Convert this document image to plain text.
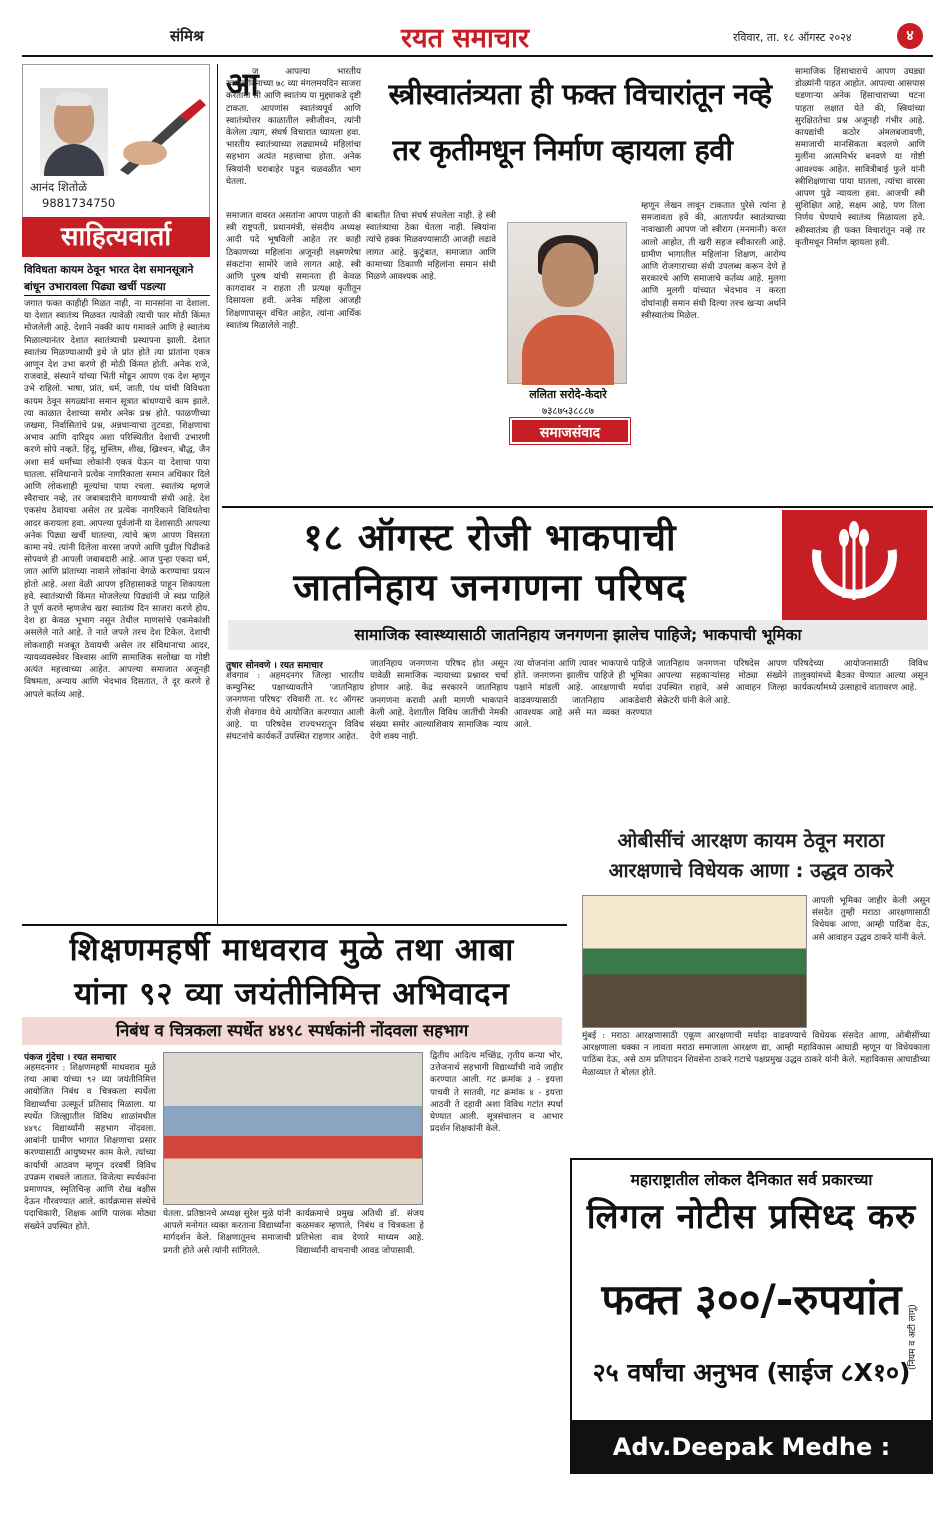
संमिश्र	रयत समाचार	रविवार, ता. १८ ऑगस्ट २०२४	४
आनंद शितोळे
9881734750
साहित्यवार्ता
विविधता कायम ठेवून भारत देश समानसूत्राने बांधून उभारावला पिढ्या खर्ची पडल्या
जगात फक्त काहीही मिळत नाही, ना मानसांना ना देशाला. या देशात स्वातंत्र्य मिळवत त्यावेळी त्याची फार मोठी किंमत मोजलेली आहे. देशाने नक्की काय गमावले आणि हे स्वातंत्र्य मिळाल्यानंतर देशात स्वातंत्र्याची प्रस्थापना झाली. देशात स्वातंत्र्य मिळण्याआधी इथे जे प्रांत होते त्या प्रांतांना एकत्र आणून देश उभा करणे ही मोठी किंमत होती. अनेक राजे, राजवाडे, संस्थाने यांच्या भिंती मोडून आपण एक देश म्हणून उभे राहिलो. भाषा, प्रांत, धर्म, जाती, पंथ यांची विविधता कायम ठेवून सगळ्यांना समान सूत्रात बांधण्याचे काम झाले. त्या काळात देशाच्या समोर अनेक प्रश्न होते. फाळणीच्या जखमा, निर्वासितांचे प्रश्न, अन्नधान्याचा तुटवडा, शिक्षणाचा अभाव आणि दारिद्र्य अशा परिस्थितीत देशाची उभारणी करणे सोपे नव्हते. हिंदू, मुस्लिम, शीख, ख्रिश्चन, बौद्ध, जैन अशा सर्व धर्मांच्या लोकांनी एकत्र येऊन या देशाचा पाया घातला. संविधानाने प्रत्येक नागरिकाला समान अधिकार दिले आणि लोकशाही मूल्यांचा पाया रचला. स्वातंत्र्य म्हणजे स्वैराचार नव्हे, तर जबाबदारीने वागण्याची संधी आहे. देश एकसंध ठेवायचा असेल तर प्रत्येक नागरिकाने विविधतेचा आदर करायला हवा. आपल्या पूर्वजांनी या देशासाठी आपल्या अनेक पिढ्या खर्ची घातल्या, त्यांचे ऋण आपण विसरता कामा नये. त्यांनी दिलेला वारसा जपणे आणि पुढील पिढीकडे सोपवणे ही आपली जबाबदारी आहे. आज पुन्हा एकदा धर्म, जात आणि प्रांताच्या नावाने लोकांना वेगळे करण्याचा प्रयत्न होतो आहे. अशा वेळी आपण इतिहासाकडे पाहून शिकायला हवे. स्वातंत्र्याची किंमत मोजलेल्या पिढ्यांनी जे स्वप्न पाहिले ते पूर्ण करणे म्हणजेच खरा स्वातंत्र्य दिन साजरा करणे होय. देश हा केवळ भूभाग नसून तेथील माणसांचे एकमेकांशी असलेले नाते आहे. ते नाते जपले तरच देश टिकेल. देशाची लोकशाही मजबूत ठेवायची असेल तर संविधानाचा आदर, न्यायव्यवस्थेवर विश्वास आणि सामाजिक सलोखा या गोष्टी अत्यंत महत्त्वाच्या आहेत. आपल्या समाजात अजूनही विषमता, अन्याय आणि भेदभाव दिसतात, ते दूर करणे हे आपले कर्तव्य आहे.
आ
ज आपल्या भारतीय स्वातंत्र्यदिनाच्या ७८ व्या मंगलमयदिन साजरा करताना सी आणि स्वातंत्र्य या मुद्द्याकडे दृष्टी टाकता. आपणांस स्वातंत्र्यपूर्व आणि स्वातंत्र्योत्तर काळातील स्त्रीजीवन, त्यांनी केलेला त्याग, संघर्ष विचारात घ्यायला हवा. भारतीय स्वातंत्र्याच्या लढ्यामध्ये महिलांचा सहभाग अत्यंत महत्त्वाचा होता. अनेक स्त्रियांनी घराबाहेर पडून चळवळीत भाग घेतला.
स्त्रीस्वातंत्र्यता ही फक्त विचारांतून नव्हे
तर कृतीमधून निर्माण व्हायला हवी
समाजात वावरत असतांना आपण पाहतो की स्त्री राष्ट्रपती, प्रधानमंत्री, संसदीय अध्यक्ष आदी पदे भूषविली आहेत तर काही ठिकाणच्या महिलांना अजूनही लक्ष्मणरेषा संकटांना सामोरे जावे लागत आहे. स्त्री आणि पुरुष यांची समानता ही केवळ कागदावर न राहता ती प्रत्यक्ष कृतीतून दिसायला हवी. अनेक महिला आजही शिक्षणापासून वंचित आहेत, त्यांना आर्थिक स्वातंत्र्य मिळालेले नाही.
बाबतीत तिचा संघर्ष संपलेला नाही. हे स्त्री स्वातंत्र्याचा ठेका घेतला नाही. स्त्रियांना त्यांचे हक्क मिळवण्यासाठी आजही लढावे लागत आहे. कुटुंबात, समाजात आणि कामाच्या ठिकाणी महिलांना समान संधी मिळणे आवश्यक आहे.
ललिता सरोदे-केदारे
७३८७५३८८८७
समाजसंवाद
म्हणून लेखन लावून टाकतात पुरेसे त्यांना हे समजावता हवे की, आतापर्यंत स्वातंत्र्याच्या नावाखाली आपण जो स्त्रीराग (मनमानी) करत आलो आहोत, ती खरी सहज स्वीकारली आहे. ग्रामीण भागातील महिलांना शिक्षण, आरोग्य आणि रोजगाराच्या संधी उपलब्ध करून देणे हे सरकारचे आणि समाजाचे कर्तव्य आहे. मुलगा आणि मुलगी यांच्यात भेदभाव न करता दोघांनाही समान संधी दिल्या तरच खऱ्या अर्थाने स्त्रीस्वातंत्र्य मिळेल.
सामाजिक हिंसाचाराचे आपण उघड्या डोळ्यांनी पाहत आहोत. आपल्या आसपास घडणाऱ्या अनेक हिंसाचाराच्या घटना पाहता लक्षात येते की, स्त्रियांच्या सुरक्षिततेचा प्रश्न अजूनही गंभीर आहे. कायद्यांची कठोर अंमलबजावणी, समाजाची मानसिकता बदलणे आणि मुलींना आत्मनिर्भर बनवणे या गोष्टी आवश्यक आहेत. सावित्रीबाई फुले यांनी स्त्रीशिक्षणाचा पाया घातला, त्यांचा वारसा आपण पुढे न्यायला हवा. आजची स्त्री सुशिक्षित आहे, सक्षम आहे, पण तिला निर्णय घेण्याचे स्वातंत्र्य मिळायला हवे. स्त्रीस्वातंत्र्य ही फक्त विचारांतून नव्हे तर कृतीमधून निर्माण व्हायला हवी.
१८ ऑगस्ट रोजी भाकपाची
जातनिहाय जनगणना परिषद
सामाजिक स्वास्थ्यासाठी जातनिहाय जनगणना झालेच पाहिजे; भाकपाची भूमिका
तुषार सोनवणे । रयत समाचार
शेवगाव : अहमदनगर जिल्हा भारतीय कम्युनिस्ट पक्षाच्यावतीने 'जातनिहाय जनगणना परिषद' रविवारी ता. १८ ऑगस्ट रोजी शेवगाव येथे आयोजित करण्यात आली आहे. या परिषदेस राज्यभरातून विविध संघटनांचे कार्यकर्ते उपस्थित राहणार आहेत.
जातनिहाय जनगणना परिषद होत असून यावेळी सामाजिक न्यायाच्या प्रश्नावर चर्चा होणार आहे. केंद्र सरकारने जातनिहाय जनगणना करावी अशी मागणी भाकपाने केली आहे. देशातील विविध जातींची नेमकी संख्या समोर आल्याशिवाय सामाजिक न्याय देणे शक्य नाही.
त्या योजनांना आणि त्यावर भाकपाचे पाहिजे होते. जनगणना झालीच पाहिजे ही भूमिका पक्षाने मांडली आहे. आरक्षणाची मर्यादा वाढवण्यासाठी जातनिहाय आकडेवारी आवश्यक आहे असे मत व्यक्त करण्यात आले.
जातनिहाय जनगणना परिषदेस आपण आपल्या सहकाऱ्यांसह मोठ्या संख्येने उपस्थित राहावे, असे आवाहन जिल्हा सेक्रेटरी यांनी केले आहे.
परिषदेच्या आयोजनासाठी विविध तालुक्यांमध्ये बैठका घेण्यात आल्या असून कार्यकर्त्यांमध्ये उत्साहाचे वातावरण आहे.
ओबीसींचं आरक्षण कायम ठेवून मराठा
आरक्षणाचे विधेयक आणा : उद्धव ठाकरे
आपली भूमिका जाहीर केली असून संसदेत तुम्ही मराठा आरक्षणासाठी विधेयक आणा, आम्ही पाठिंबा देऊ, असे आवाहन उद्धव ठाकरे यांनी केले.
मुंबई : मराठा आरक्षणासाठी एकूण आरक्षणाची मर्यादा वाढवण्याचे विधेयक संसदेत आणा, ओबीसींच्या आरक्षणाला धक्का न लावता मराठा समाजाला आरक्षण द्या, आम्ही महाविकास आघाडी म्हणून या विधेयकाला पाठिंबा देऊ, असे ठाम प्रतिपादन शिवसेना ठाकरे गटाचे पक्षप्रमुख उद्धव ठाकरे यांनी केले. महाविकास आघाडीच्या मेळाव्यात ते बोलत होते.
शिक्षणमहर्षी माधवराव मुळे तथा आबा
यांना ९२ व्या जयंतीनिमित्त अभिवादन
निबंध व चित्रकला स्पर्धेत ४४९८ स्पर्धकांनी नोंदवला सहभाग
पंकज गुंदेचा । रयत समाचार
अहमदनगर : शिक्षणमहर्षी माधवराव मुळे तथा आबा यांच्या ९२ व्या जयंतीनिमित्त आयोजित निबंध व चित्रकला स्पर्धेला विद्यार्थ्यांचा उत्स्फूर्त प्रतिसाद मिळाला. या स्पर्धेत जिल्ह्यातील विविध शाळांमधील ४४९८ विद्यार्थ्यांनी सहभाग नोंदवला. आबांनी ग्रामीण भागात शिक्षणाचा प्रसार करण्यासाठी आयुष्यभर काम केले. त्यांच्या कार्याची आठवण म्हणून दरवर्षी विविध उपक्रम राबवले जातात. विजेत्या स्पर्धकांना प्रमाणपत्र, स्मृतिचिन्ह आणि रोख बक्षीस देऊन गौरवण्यात आले. कार्यक्रमास संस्थेचे पदाधिकारी, शिक्षक आणि पालक मोठ्या संख्येने उपस्थित होते.
घेतला. प्रतिष्ठानचे अध्यक्ष सुरेश मुळे यांनी आपले मनोगत व्यक्त करताना विद्यार्थ्यांना मार्गदर्शन केले. शिक्षणातूनच समाजाची प्रगती होते असे त्यांनी सांगितले.
कार्यक्रमाचे प्रमुख अतिथी डॉ. संजय कळमकर म्हणाले, निबंध व चित्रकला हे प्रतिभेला वाव देणारे माध्यम आहे. विद्यार्थ्यांनी वाचनाची आवड जोपासावी.
द्वितीय आदित्य मच्छिंद्र, तृतीय कन्या भोर, उत्तेजनार्थ सहभागी विद्यार्थ्यांची नावे जाहीर करण्यात आली. गट क्रमांक ३ - इयत्ता पाचवी ते सातवी, गट क्रमांक ४ - इयत्ता आठवी ते दहावी अशा विविध गटांत स्पर्धा घेण्यात आली. सूत्रसंचालन व आभार प्रदर्शन शिक्षकांनी केले.
महाराष्ट्रातील लोकल दैनिकात सर्व प्रकारच्या
लिगल नोटीस प्रसिध्द करु
फक्त ३००/-रुपयांत
२५ वर्षांचा अनुभव (साईज ८X१०)
(नियम व अटी लागू)
Adv.Deepak Medhe : 9422080597
